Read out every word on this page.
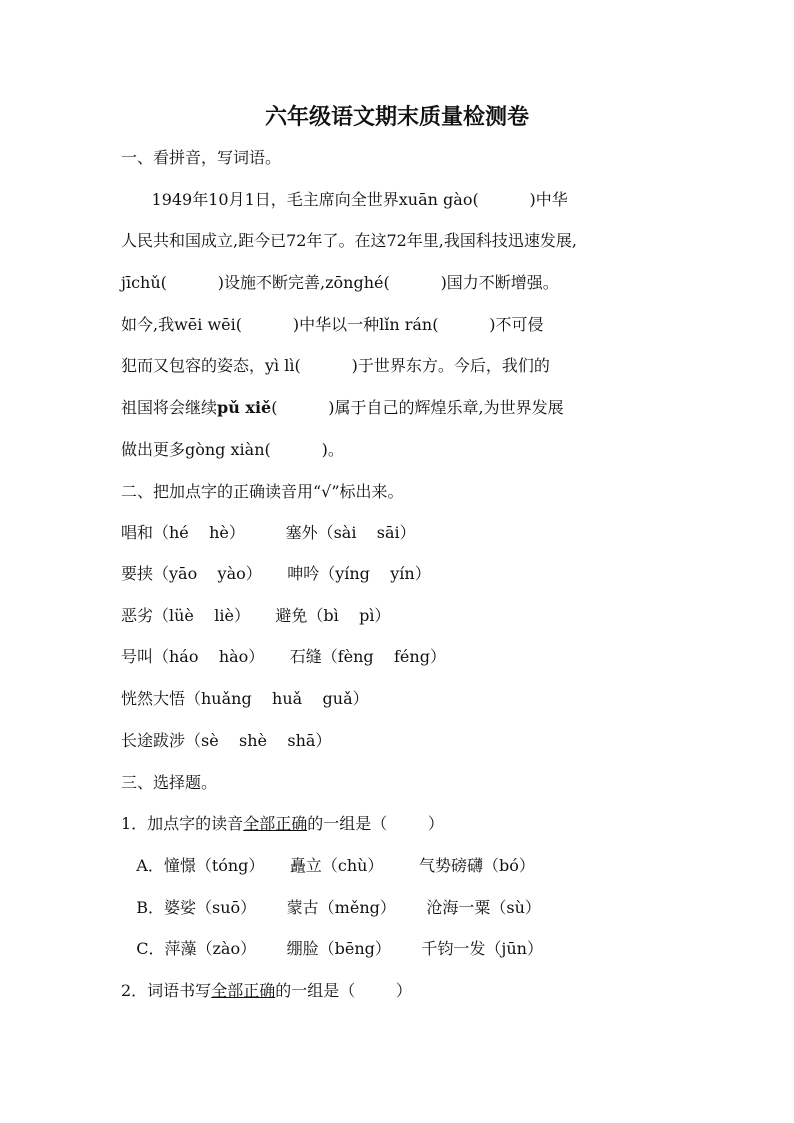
六年级语文期末质量检测卷
一、看拼音，写词语。
1949年10月1日，毛主席向全世界xuān gào(          )中华
人民共和国成立,距今已72年了。在这72年里,我国科技迅速发展,
jīchǔ(          )设施不断完善,zōnghé(          )国力不断增强。
如今,我wēi wēi(          )中华以一种lǐn rán(          )不可侵
犯而又包容的姿态，yì lì(          )于世界东方。今后，我们的
祖国将会继续pǔ xiě(          )属于自己的辉煌乐章,为世界发展
做出更多gòng xiàn(          )。
二、把加点字的正确读音用“√”标出来。
唱和（hé    hè）        塞外（sài    sāi）
要挟（yāo    yào）     呻吟（yíng    yín）
恶劣（lüè    liè）     避免（bì    pì）
号叫（háo    hào）     石缝（fèng    féng）
恍然大悟（huǎng    huǎ    guǎ）
长途跋涉（sè    shè    shā）
三、选择题。
1．加点字的读音全部正确的一组是（        ）
A．憧憬（tóng）     矗立（chù）       气势磅礴（bó）
B．婆娑（suō）      蒙古（měng）      沧海一粟（sù）
C．萍藻（zào）      绷脸（bēng）      千钧一发（jūn）
2．词语书写全部正确的一组是（        ）
